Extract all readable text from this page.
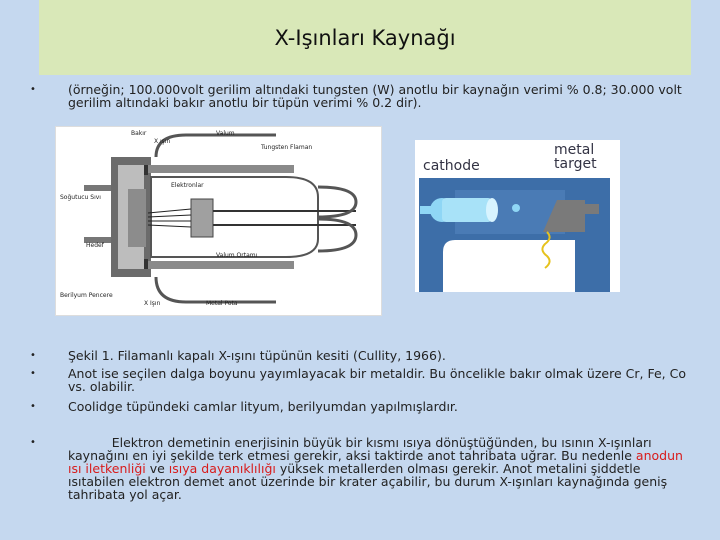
X-Işınları Kaynağı
•	(örneğin; 100.000volt gerilim altındaki tungsten (W) anotlu bir kaynağın verimi % 0.8; 30.000 volt gerilim altındaki bakır anotlu bir tüpün verimi % 0.2 dir).
Bakır
X ışın
Valum
Tungsten Flaman
Soğutucu Sıvı
Elektronlar
Hedef
Valum Ortamı
Berilyum Pencere
X Işın	Metal Pota
cathode
metal
target
•	Şekil 1. Filamanlı kapalı X-ışını tüpünün kesiti (Cullity, 1966).
•	Anot ise seçilen dalga boyunu yayımlayacak bir metaldir. Bu öncelikle bakır olmak üzere Cr, Fe, Co vs. olabilir.
•	Coolidge tüpündeki camlar lityum, berilyumdan yapılmışlardır.
•	Elektron demetinin enerjisinin büyük bir kısmı ısıya dönüştüğünden, bu ısının X-ışınları kaynağını en iyi şekilde terk etmesi gerekir, aksi taktirde anot tahribata uğrar. Bu nedenle anodun ısı iletkenliği ve ısıya dayanıklılığı yüksek metallerden olması gerekir. Anot metalini şiddetle ısıtabilen elektron demet anot üzerinde bir krater açabilir, bu durum X-ışınları kaynağında geniş tahribata yol açar.
